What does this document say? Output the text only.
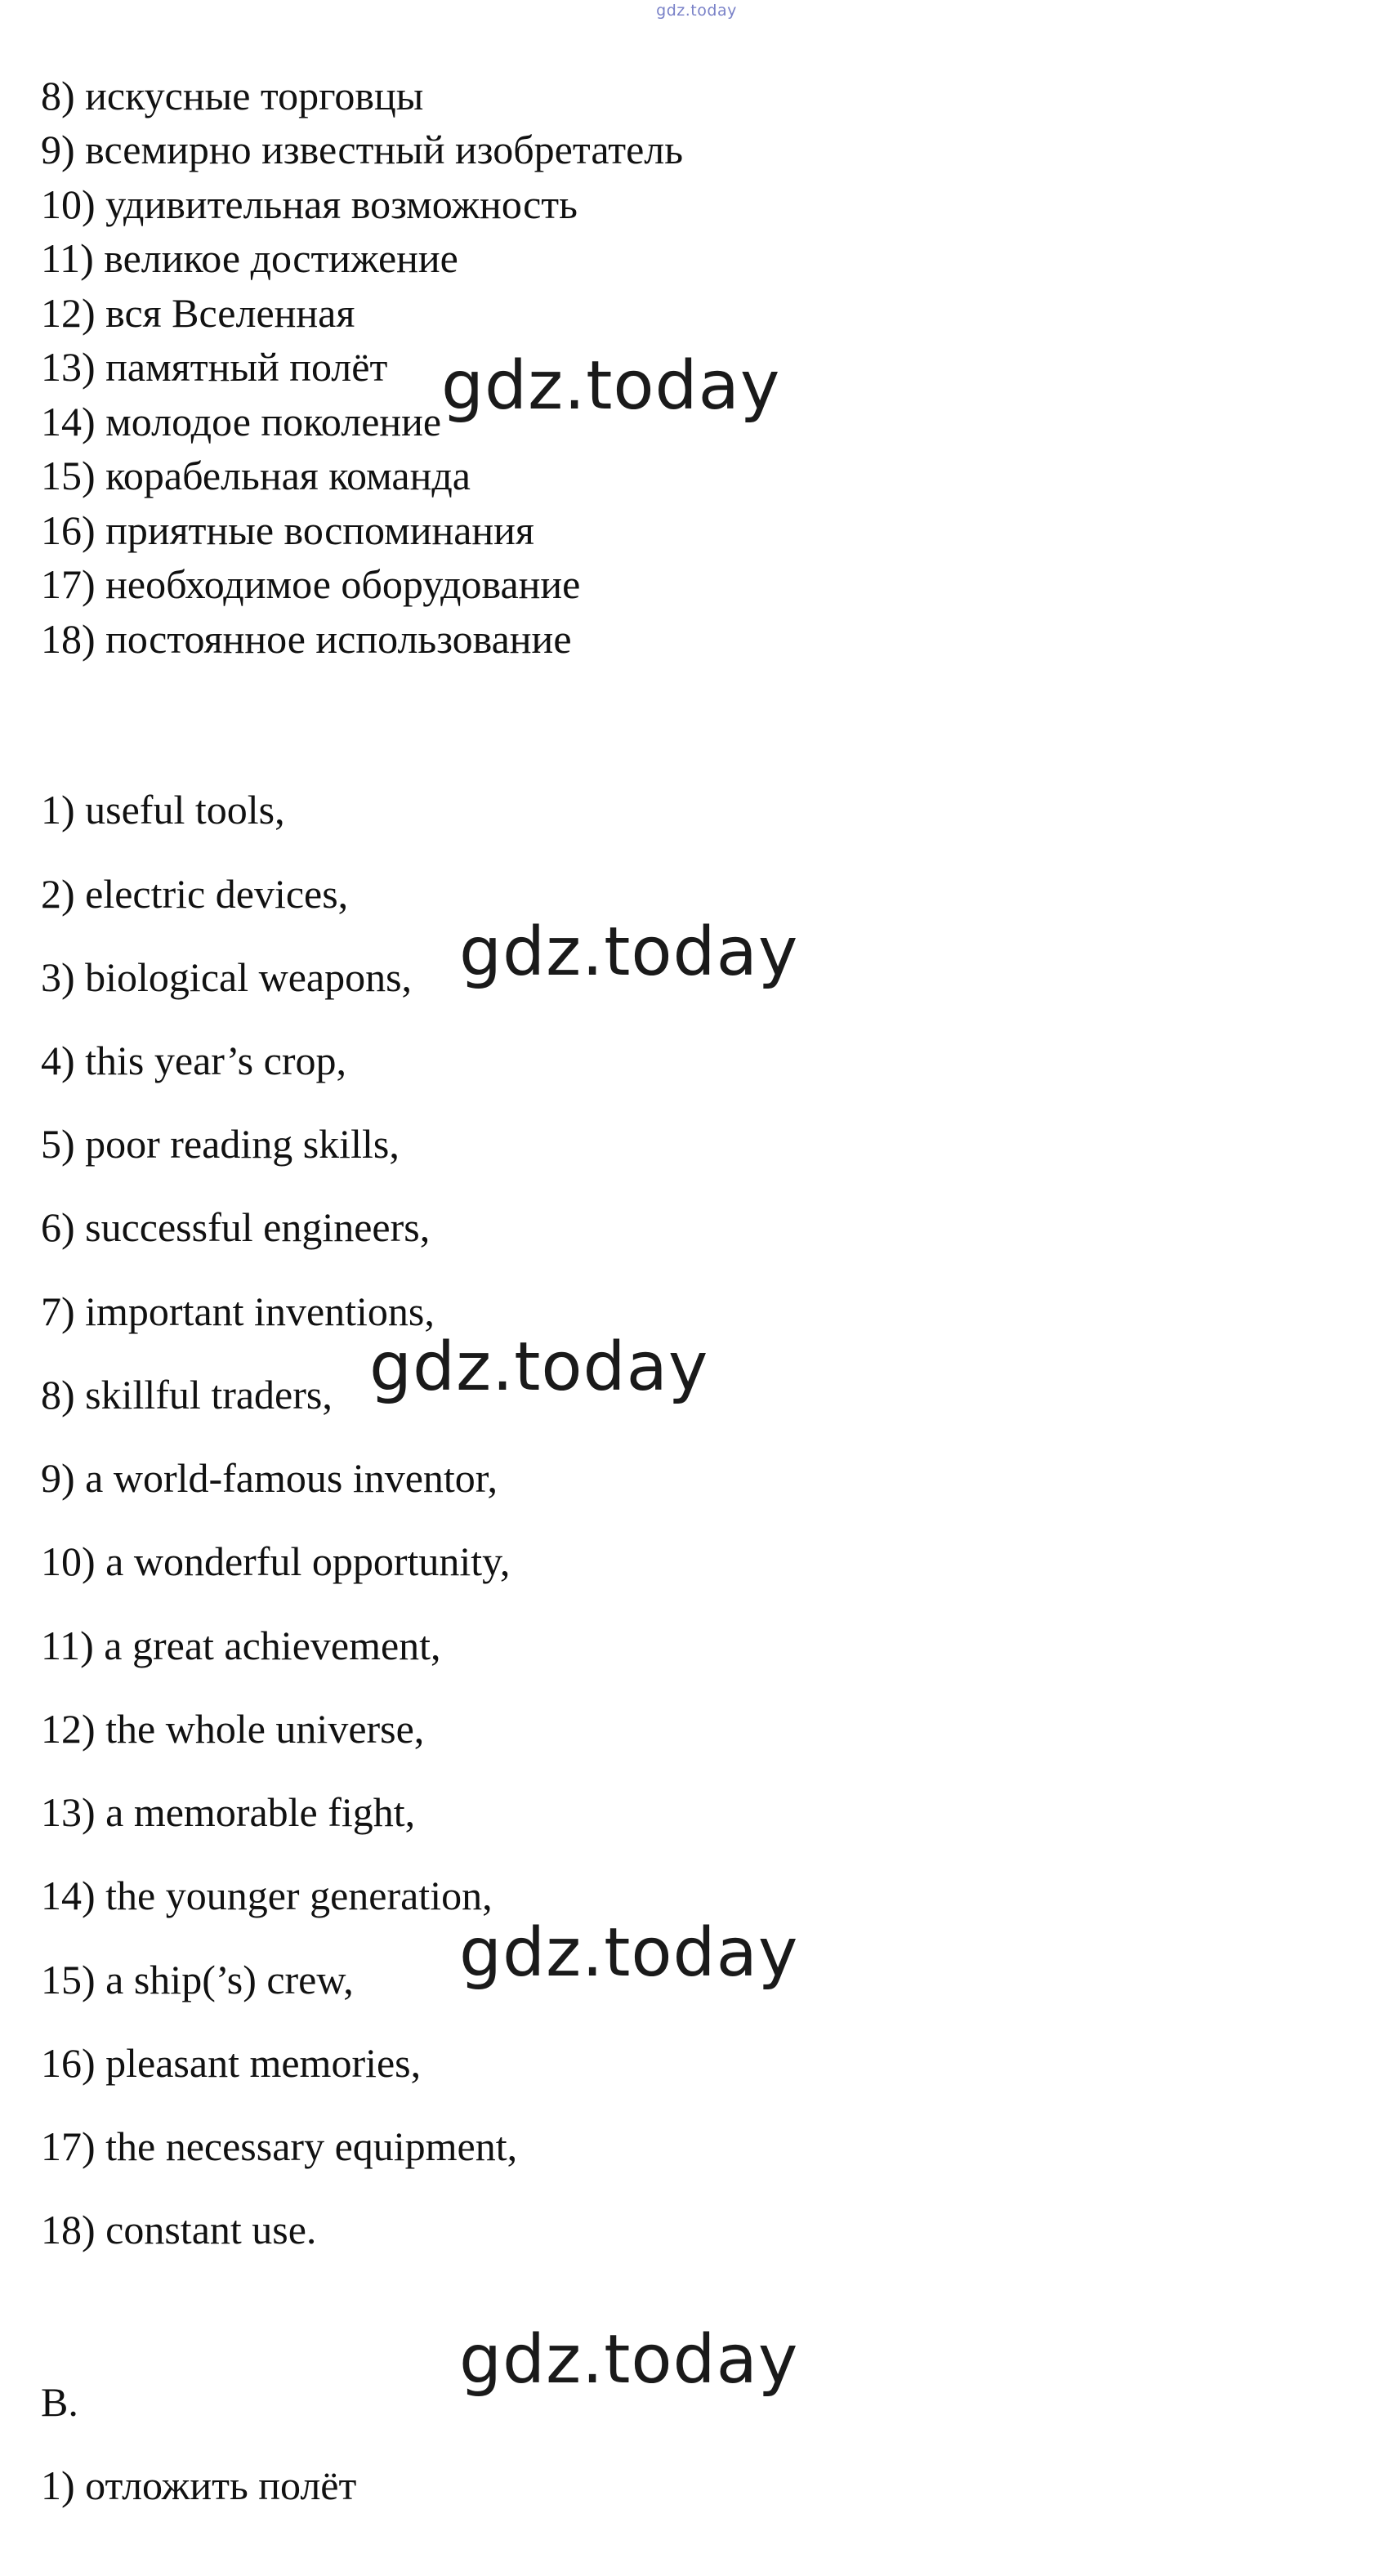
gdz.today
8) искусные торговцы
9) всемирно известный изобретатель
10) удивительная возможность
11) великое достижение
12) вся Вселенная
13) памятный полёт
14) молодое поколение
15) корабельная команда
16) приятные воспоминания
17) необходимое оборудование
18) постоянное использование
1) useful tools,
2) electric devices,
3) biological weapons,
4) this year’s crop,
5) poor reading skills,
6) successful engineers,
7) important inventions,
8) skillful traders,
9) a world-famous inventor,
10) a wonderful opportunity,
11) a great achievement,
12) the whole universe,
13) a memorable fight,
14) the younger generation,
15) a ship(’s) crew,
16) pleasant memories,
17) the necessary equipment,
18) constant use.
B.
1) отложить полёт
gdz.today
gdz.today
gdz.today
gdz.today
gdz.today
